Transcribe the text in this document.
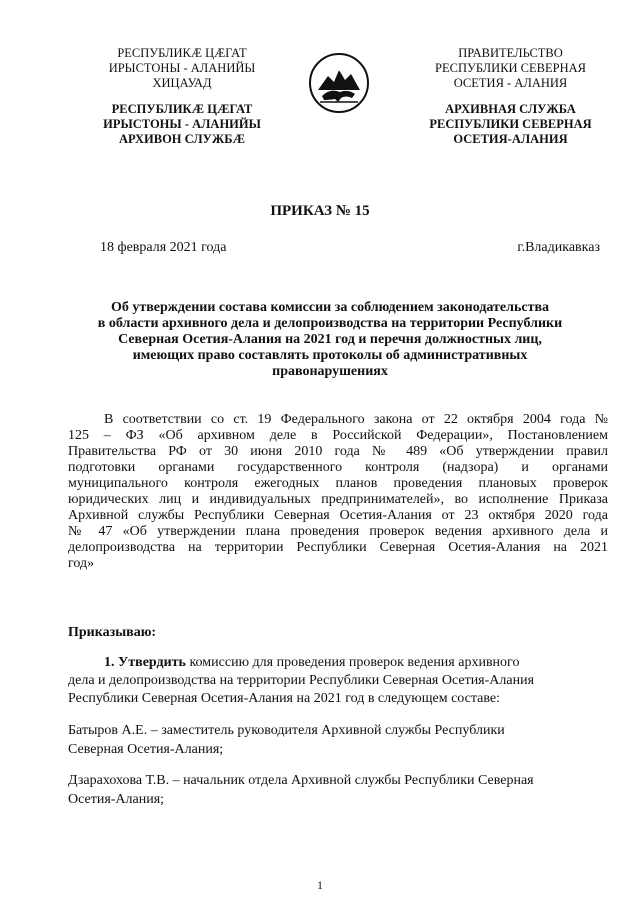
РЕСПУБЛИКӔ ЦӔГАТ
ИРЫСТОНЫ - АЛАНИЙЫ
ХИЦАУАД
РЕСПУБЛИКӔ ЦӔГАТ
ИРЫСТОНЫ - АЛАНИЙЫ
АРХИВОН СЛУЖБӔ
ПРАВИТЕЛЬСТВО
РЕСПУБЛИКИ СЕВЕРНАЯ
ОСЕТИЯ - АЛАНИЯ
АРХИВНАЯ СЛУЖБА
РЕСПУБЛИКИ СЕВЕРНАЯ
ОСЕТИЯ-АЛАНИЯ
ПРИКАЗ № 15
18 февраля 2021 года	г.Владикавказ
Об утверждении состава комиссии за соблюдением законодательства
в области архивного дела и делопроизводства на территории Республики
Северная Осетия-Алания на 2021 год и перечня должностных лиц,
имеющих право составлять протоколы об административных
правонарушениях
В соответствии со ст. 19 Федерального закона от 22 октября 2004 года №
125 – ФЗ «Об архивном деле в Российской Федерации», Постановлением
Правительства РФ от 30 июня 2010 года № 489 «Об утверждении правил
подготовки органами государственного контроля (надзора) и органами
муниципального контроля ежегодных планов проведения плановых проверок
юридических лиц и индивидуальных предпринимателей», во исполнение Приказа
Архивной службы Республики Северная Осетия-Алания от 23 октября 2020 года
№ 47 «Об утверждении плана проведения проверок ведения архивного дела и
делопроизводства на территории Республики Северная Осетия-Алания на 2021
год»
Приказываю:
1. Утвердить комиссию для проведения проверок ведения архивного
дела и делопроизводства на территории Республики Северная Осетия-Алания
Республики Северная Осетия-Алания на 2021 год в следующем составе:
Батыров А.Е. – заместитель руководителя Архивной службы Республики
Северная Осетия-Алания;
Дзарахохова Т.В. – начальник отдела Архивной службы Республики Северная
Осетия-Алания;
1
